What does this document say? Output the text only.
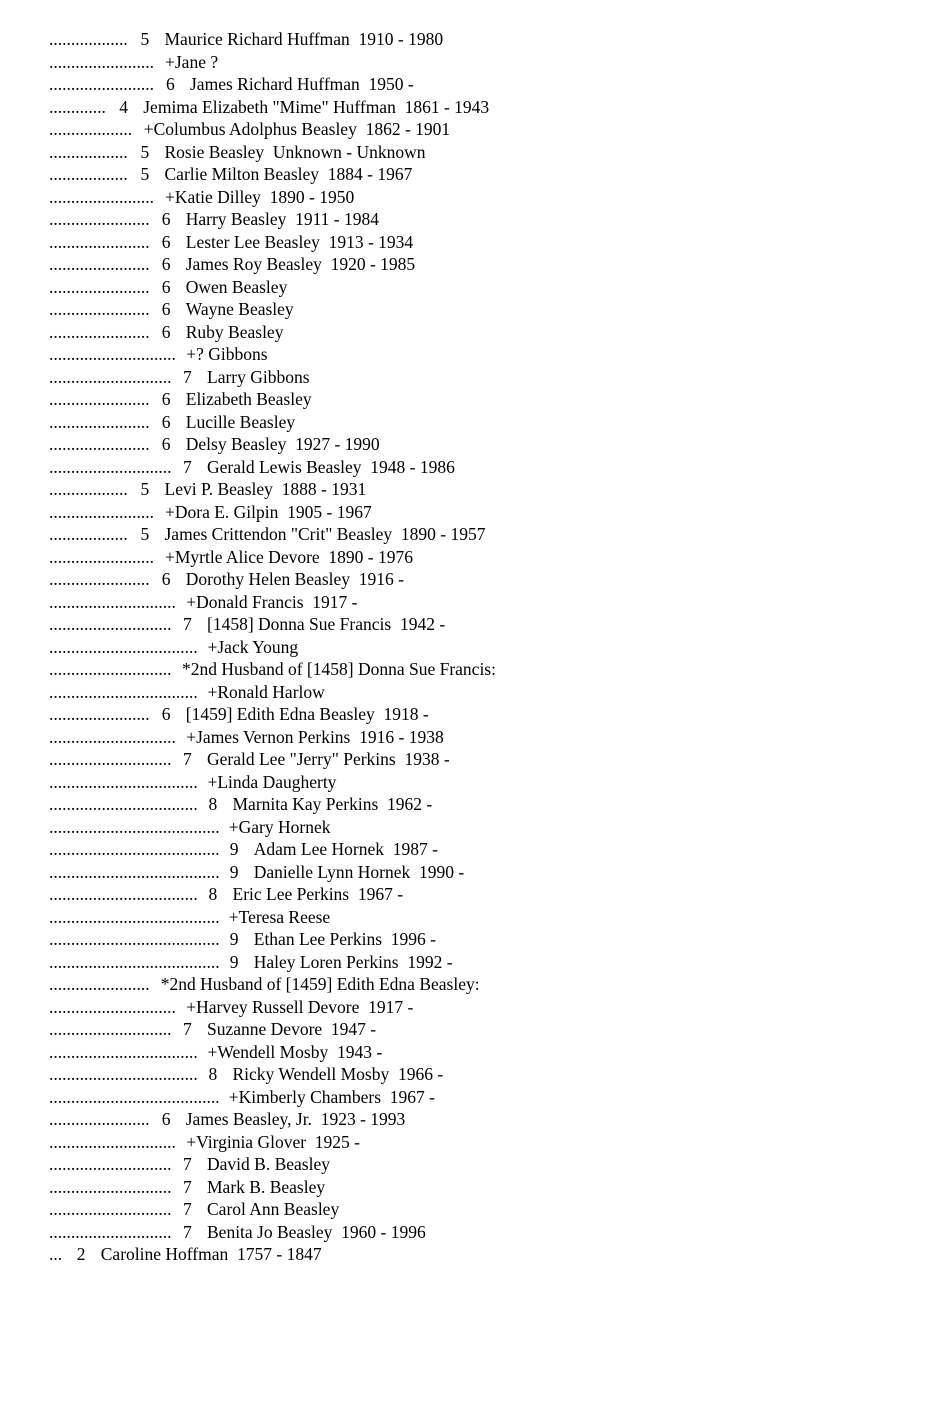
.................. 5 Maurice Richard Huffman  1910 - 1980
........................ +Jane ?
........................ 6 James Richard Huffman  1950 -
............. 4 Jemima Elizabeth "Mime" Huffman  1861 - 1943
................... +Columbus Adolphus Beasley  1862 - 1901
.................. 5 Rosie Beasley  Unknown - Unknown
.................. 5 Carlie Milton Beasley  1884 - 1967
........................ +Katie Dilley  1890 - 1950
....................... 6 Harry Beasley  1911 - 1984
....................... 6 Lester Lee Beasley  1913 - 1934
....................... 6 James Roy Beasley  1920 - 1985
....................... 6 Owen Beasley
....................... 6 Wayne Beasley
....................... 6 Ruby Beasley
............................. +? Gibbons
............................ 7 Larry Gibbons
....................... 6 Elizabeth Beasley
....................... 6 Lucille Beasley
....................... 6 Delsy Beasley  1927 - 1990
............................ 7 Gerald Lewis Beasley  1948 - 1986
.................. 5 Levi P. Beasley  1888 - 1931
........................ +Dora E. Gilpin  1905 - 1967
.................. 5 James Crittendon "Crit" Beasley  1890 - 1957
........................ +Myrtle Alice Devore  1890 - 1976
....................... 6 Dorothy Helen Beasley  1916 -
............................. +Donald Francis  1917 -
............................ 7 [1458] Donna Sue Francis  1942 -
.................................. +Jack Young
............................ *2nd Husband of [1458] Donna Sue Francis:
.................................. +Ronald Harlow
....................... 6 [1459] Edith Edna Beasley  1918 -
............................. +James Vernon Perkins  1916 - 1938
............................ 7 Gerald Lee "Jerry" Perkins  1938 -
.................................. +Linda Daugherty
.................................. 8 Marnita Kay Perkins  1962 -
....................................... +Gary Hornek
....................................... 9 Adam Lee Hornek  1987 -
....................................... 9 Danielle Lynn Hornek  1990 -
.................................. 8 Eric Lee Perkins  1967 -
....................................... +Teresa Reese
....................................... 9 Ethan Lee Perkins  1996 -
....................................... 9 Haley Loren Perkins  1992 -
....................... *2nd Husband of [1459] Edith Edna Beasley:
............................. +Harvey Russell Devore  1917 -
............................ 7 Suzanne Devore  1947 -
.................................. +Wendell Mosby  1943 -
.................................. 8 Ricky Wendell Mosby  1966 -
....................................... +Kimberly Chambers  1967 -
....................... 6 James Beasley, Jr.  1923 - 1993
............................. +Virginia Glover  1925 -
............................ 7 David B. Beasley
............................ 7 Mark B. Beasley
............................ 7 Carol Ann Beasley
............................ 7 Benita Jo Beasley  1960 - 1996
... 2 Caroline Hoffman  1757 - 1847
